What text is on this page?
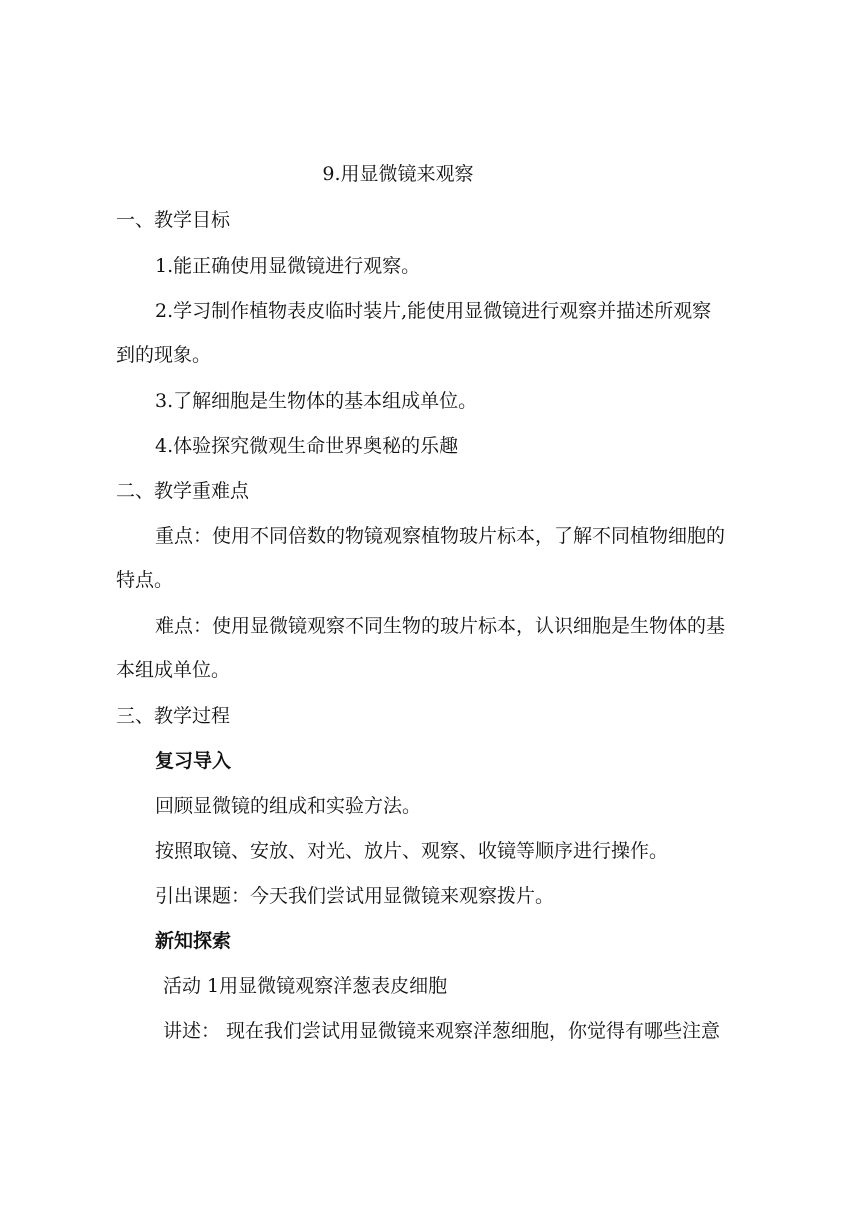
9.用显微镜来观察
一、教学目标
1.能正确使用显微镜进行观察。
2.学习制作植物表皮临时装片,能使用显微镜进行观察并描述所观察
到的现象。
3.了解细胞是生物体的基本组成单位。
4.体验探究微观生命世界奥秘的乐趣
二、教学重难点
重点：使用不同倍数的物镜观察植物玻片标本，了解不同植物细胞的
特点。
难点：使用显微镜观察不同生物的玻片标本，认识细胞是生物体的基
本组成单位。
三、教学过程
复习导入
回顾显微镜的组成和实验方法。
按照取镜、安放、对光、放片、观察、收镜等顺序进行操作。
引出课题：今天我们尝试用显微镜来观察拨片。
新知探索
活动 1用显微镜观察洋葱表皮细胞
讲述： 现在我们尝试用显微镜来观察洋葱细胞，你觉得有哪些注意
